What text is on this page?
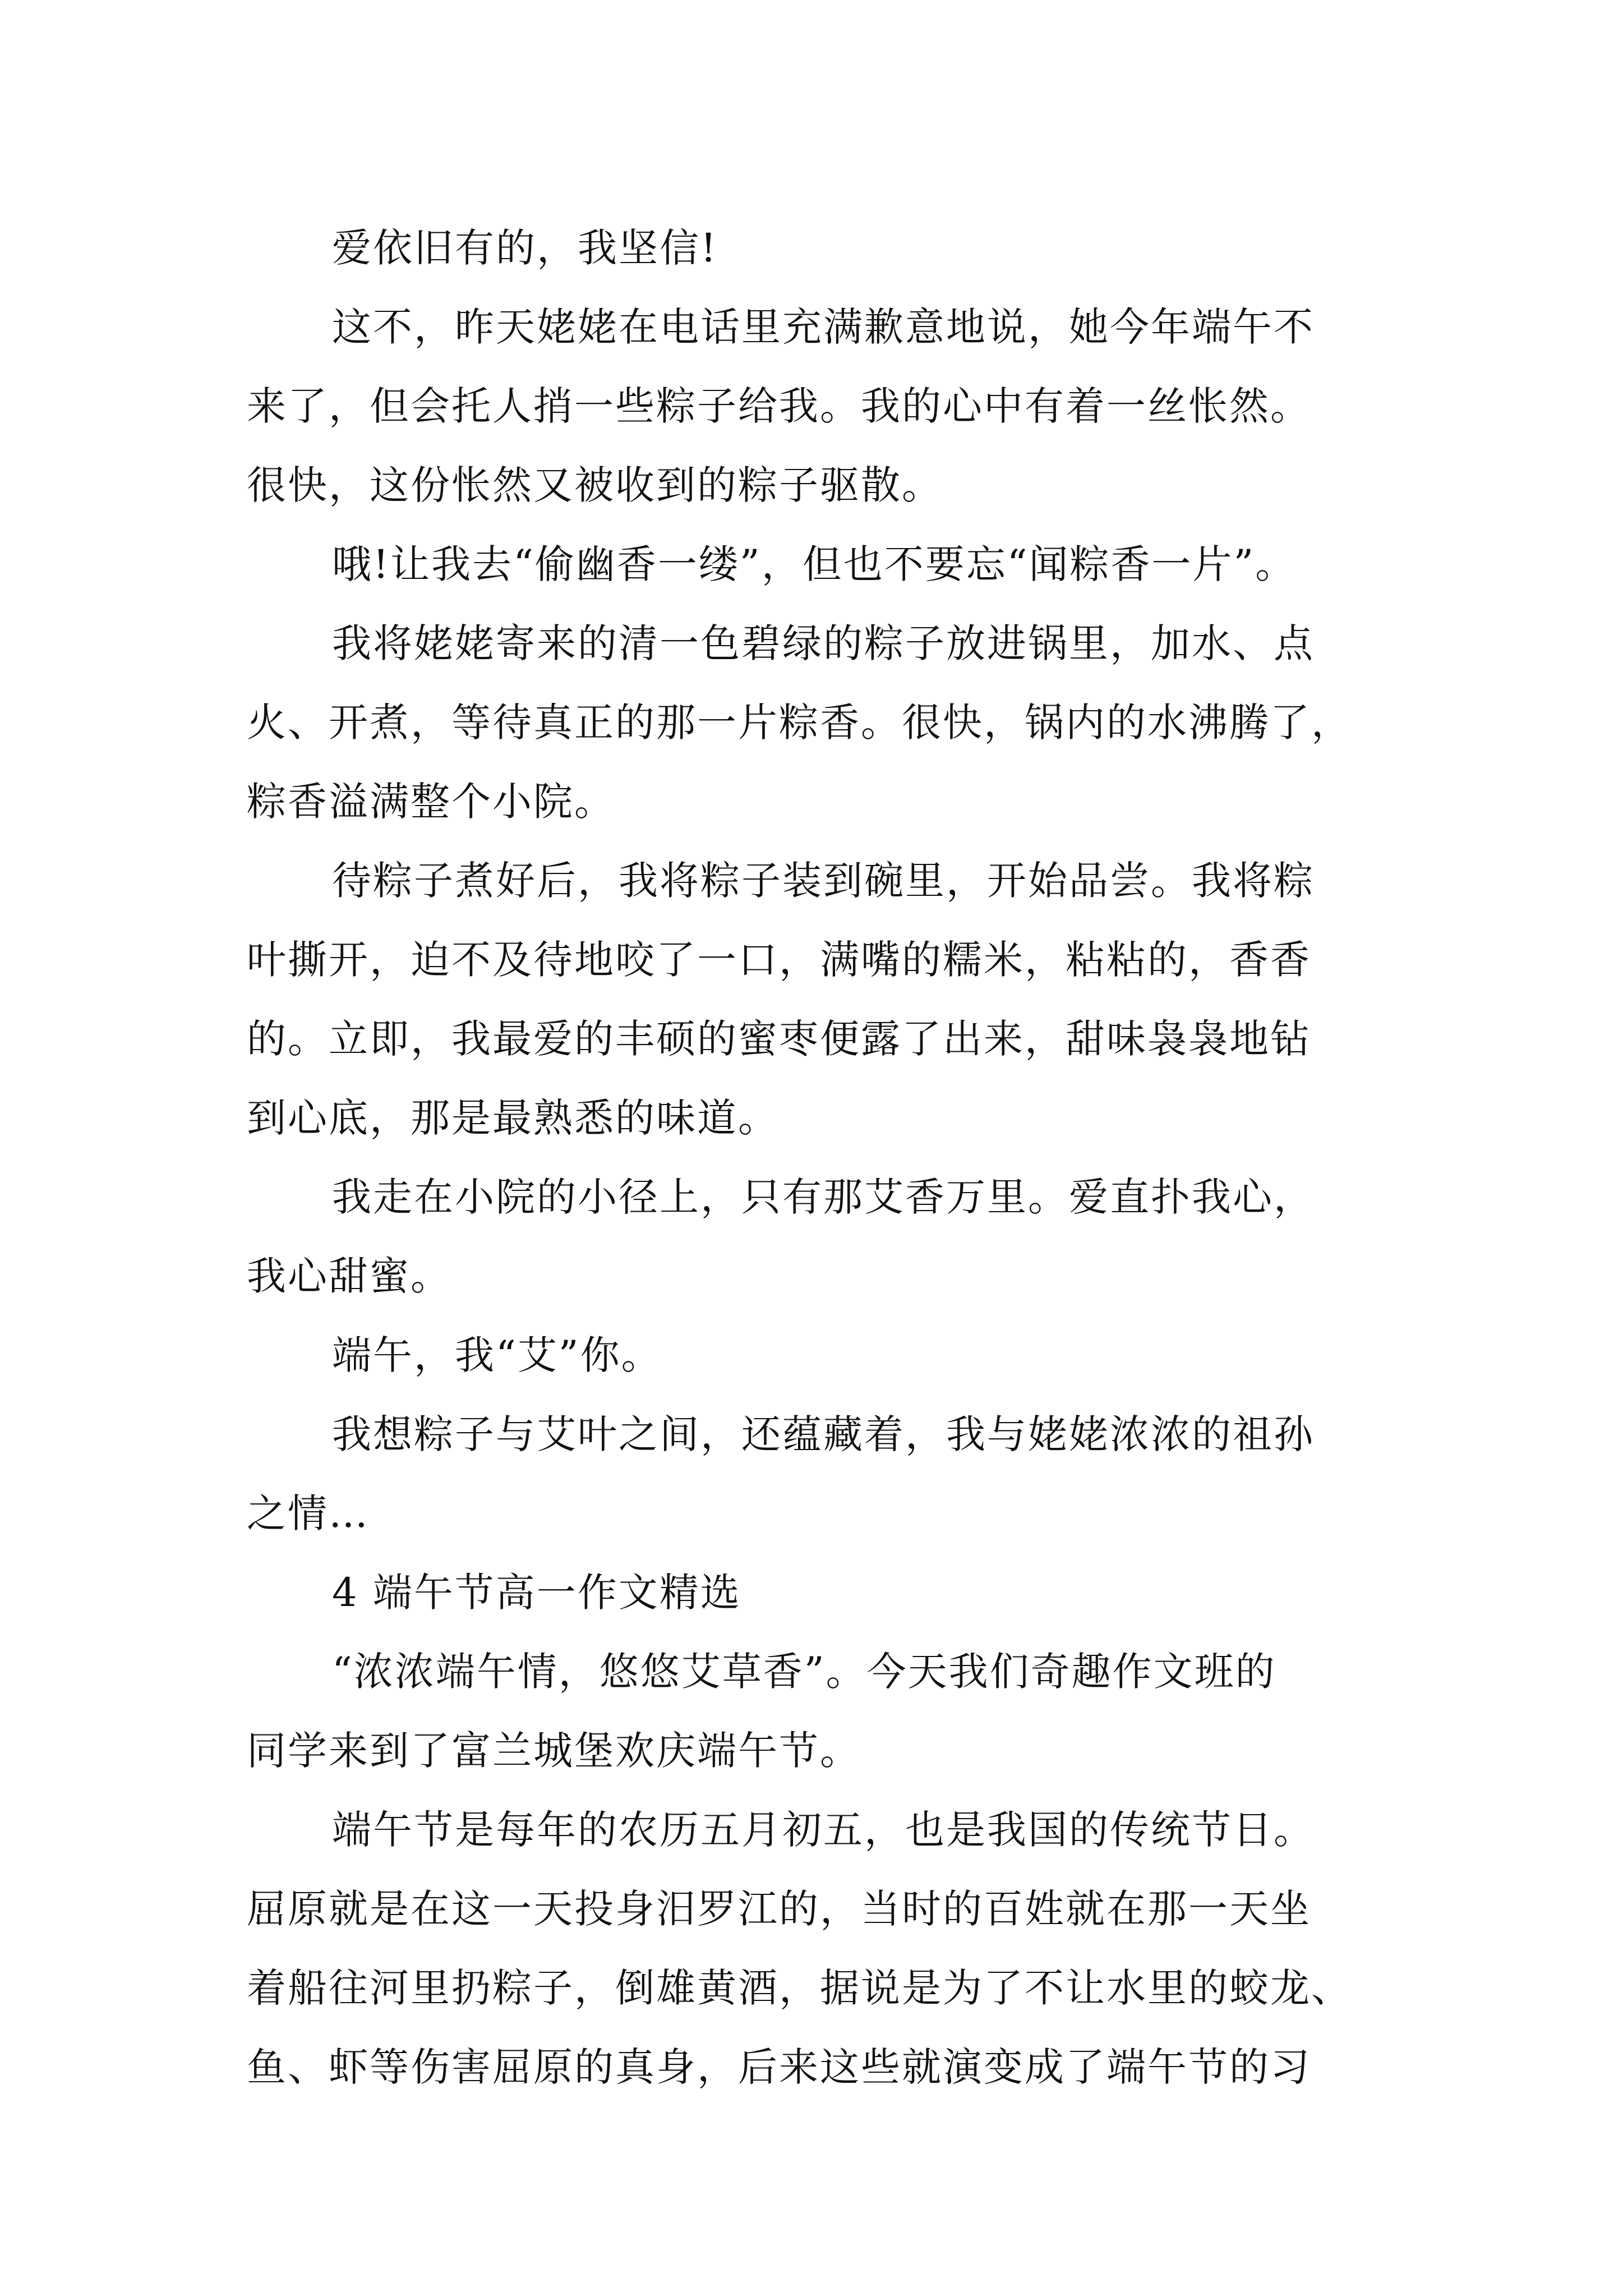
爱依旧有的，我坚信!

这不，昨天姥姥在电话里充满歉意地说，她今年端午不
来了，但会托人捎一些粽子给我。我的心中有着一丝怅然。
很快，这份怅然又被收到的粽子驱散。

哦!让我去“偷幽香一缕”，但也不要忘“闻粽香一片”。

我将姥姥寄来的清一色碧绿的粽子放进锅里，加水、点
火、开煮，等待真正的那一片粽香。很快，锅内的水沸腾了，
粽香溢满整个小院。

待粽子煮好后，我将粽子装到碗里，开始品尝。我将粽
叶撕开，迫不及待地咬了一口，满嘴的糯米，粘粘的，香香
的。立即，我最爱的丰硕的蜜枣便露了出来，甜味袅袅地钻
到心底，那是最熟悉的味道。

我走在小院的小径上，只有那艾香万里。爱直扑我心，
我心甜蜜。

端午，我“艾”你。

我想粽子与艾叶之间，还蕴藏着，我与姥姥浓浓的祖孙
之情…

4 端午节高一作文精选

“浓浓端午情，悠悠艾草香”。今天我们奇趣作文班的
同学来到了富兰城堡欢庆端午节。

端午节是每年的农历五月初五，也是我国的传统节日。
屈原就是在这一天投身汨罗江的，当时的百姓就在那一天坐
着船往河里扔粽子，倒雄黄酒，据说是为了不让水里的蛟龙、
鱼、虾等伤害屈原的真身，后来这些就演变成了端午节的习
